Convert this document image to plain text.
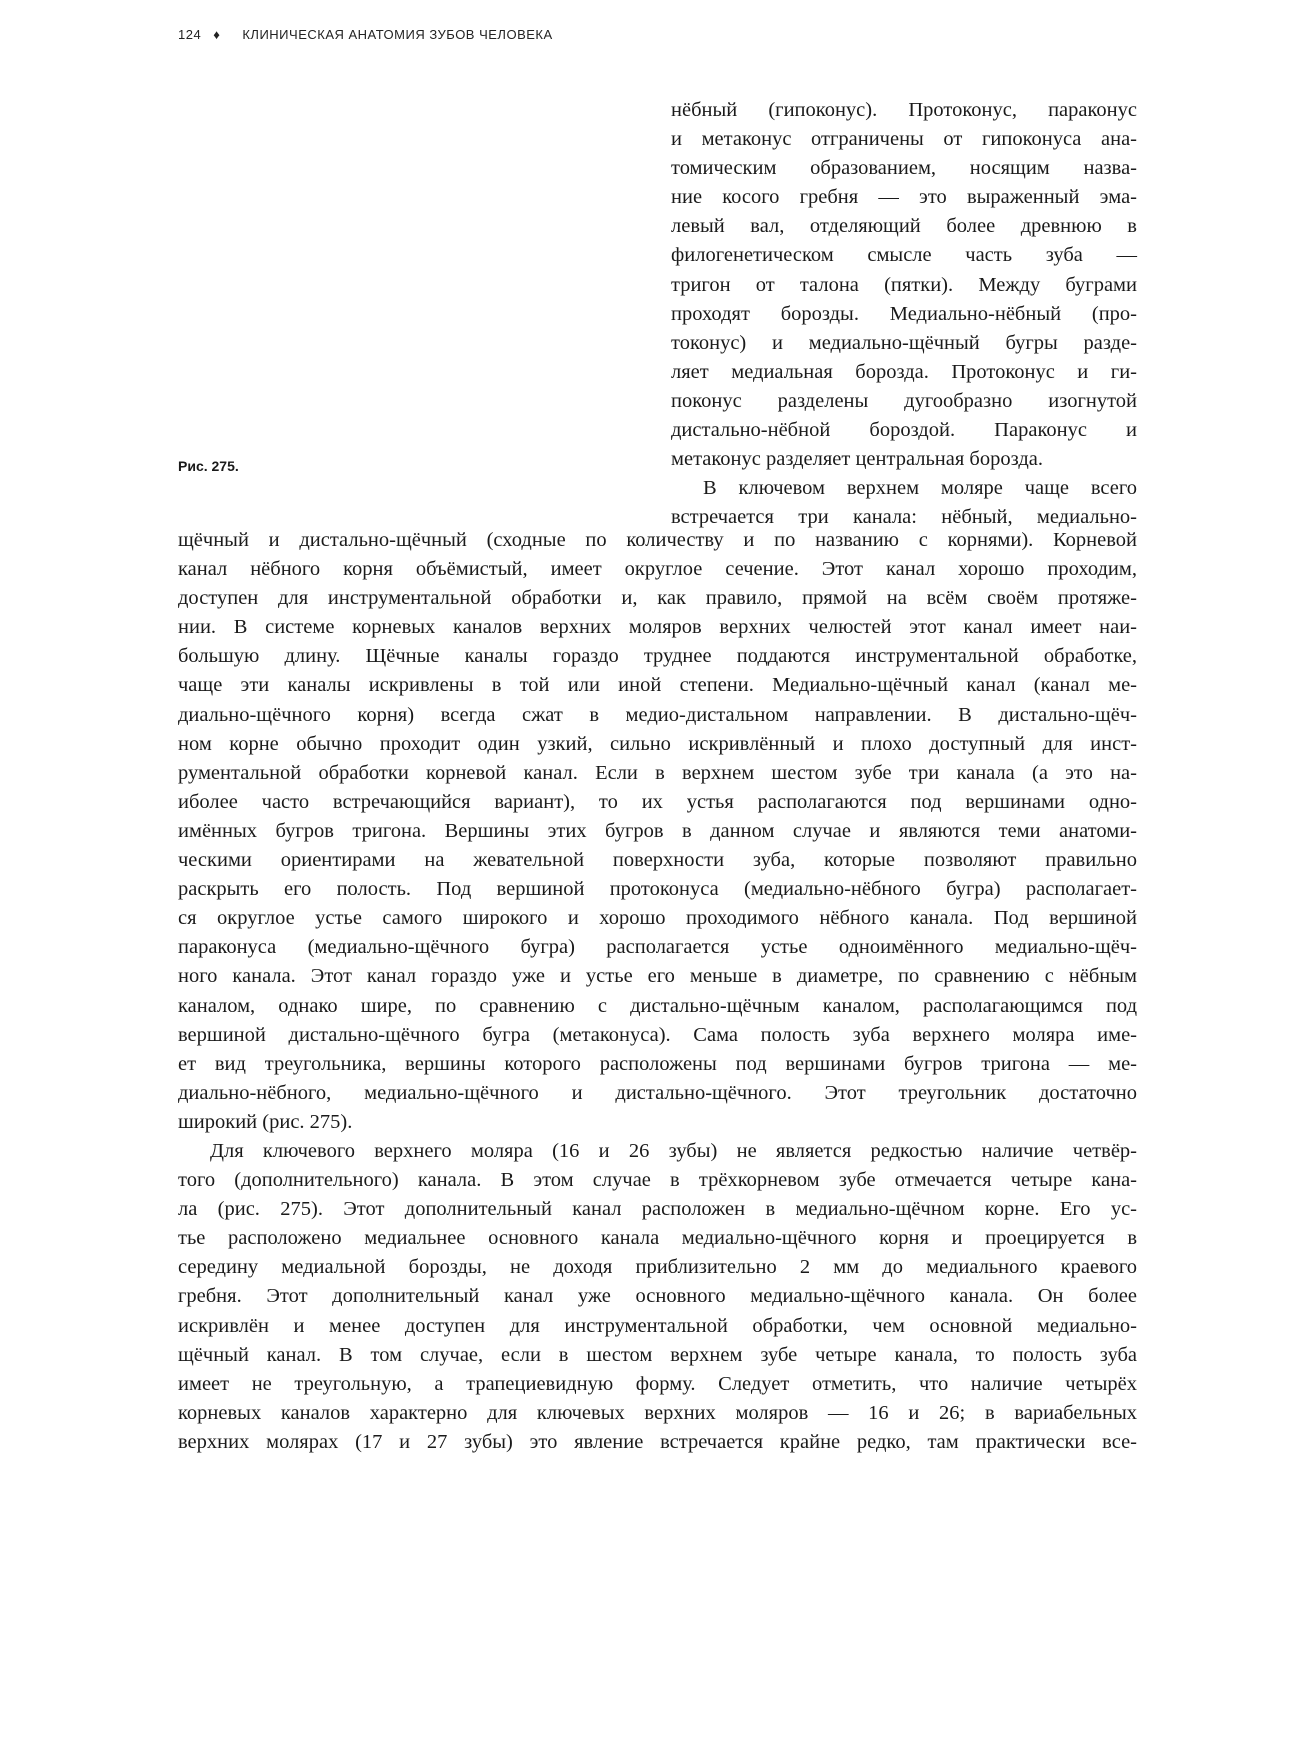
124 ♦ КЛИНИЧЕСКАЯ АНАТОМИЯ ЗУБОВ ЧЕЛОВЕКА
Рис. 275.
нёбный (гипоконус). Протоконус, параконус
и метаконус отграничены от гипоконуса ана-
томическим образованием, носящим назва-
ние косого гребня — это выраженный эма-
левый вал, отделяющий более древнюю в
филогенетическом смысле часть зуба —
тригон от талона (пятки). Между буграми
проходят борозды. Медиально-нёбный (про-
токонус) и медиально-щёчный бугры разде-
ляет медиальная борозда. Протоконус и ги-
поконус разделены дугообразно изогнутой
дистально-нёбной бороздой. Параконус и
метаконус разделяет центральная борозда.
В ключевом верхнем моляре чаще всего
встречается три канала: нёбный, медиально-

щёчный и дистально-щёчный (сходные по количеству и по названию с корнями). Корневой
канал нёбного корня объёмистый, имеет округлое сечение. Этот канал хорошо проходим,
доступен для инструментальной обработки и, как правило, прямой на всём своём протяже-
нии. В системе корневых каналов верхних моляров верхних челюстей этот канал имеет наи-
большую длину. Щёчные каналы гораздо труднее поддаются инструментальной обработке,
чаще эти каналы искривлены в той или иной степени. Медиально-щёчный канал (канал ме-
диально-щёчного корня) всегда сжат в медио-дистальном направлении. В дистально-щёч-
ном корне обычно проходит один узкий, сильно искривлённый и плохо доступный для инст-
рументальной обработки корневой канал. Если в верхнем шестом зубе три канала (а это на-
иболее часто встречающийся вариант), то их устья располагаются под вершинами одно-
имённых бугров тригона. Вершины этих бугров в данном случае и являются теми анатоми-
ческими ориентирами на жевательной поверхности зуба, которые позволяют правильно
раскрыть его полость. Под вершиной протоконуса (медиально-нёбного бугра) располагает-
ся округлое устье самого широкого и хорошо проходимого нёбного канала. Под вершиной
параконуса (медиально-щёчного бугра) располагается устье одноимённого медиально-щёч-
ного канала. Этот канал гораздо уже и устье его меньше в диаметре, по сравнению с нёбным
каналом, однако шире, по сравнению с дистально-щёчным каналом, располагающимся под
вершиной дистально-щёчного бугра (метаконуса). Сама полость зуба верхнего моляра име-
ет вид треугольника, вершины которого расположены под вершинами бугров тригона — ме-
диально-нёбного, медиально-щёчного и дистально-щёчного. Этот треугольник достаточно
широкий (рис. 275).

Для ключевого верхнего моляра (16 и 26 зубы) не является редкостью наличие четвёр-
того (дополнительного) канала. В этом случае в трёхкорневом зубе отмечается четыре кана-
ла (рис. 275). Этот дополнительный канал расположен в медиально-щёчном корне. Его ус-
тье расположено медиальнее основного канала медиально-щёчного корня и проецируется в
середину медиальной борозды, не доходя приблизительно 2 мм до медиального краевого
гребня. Этот дополнительный канал уже основного медиально-щёчного канала. Он более
искривлён и менее доступен для инструментальной обработки, чем основной медиально-
щёчный канал. В том случае, если в шестом верхнем зубе четыре канала, то полость зуба
имеет не треугольную, а трапециевидную форму. Следует отметить, что наличие четырёх
корневых каналов характерно для ключевых верхних моляров — 16 и 26; в вариабельных
верхних молярах (17 и 27 зубы) это явление встречается крайне редко, там практически все-
